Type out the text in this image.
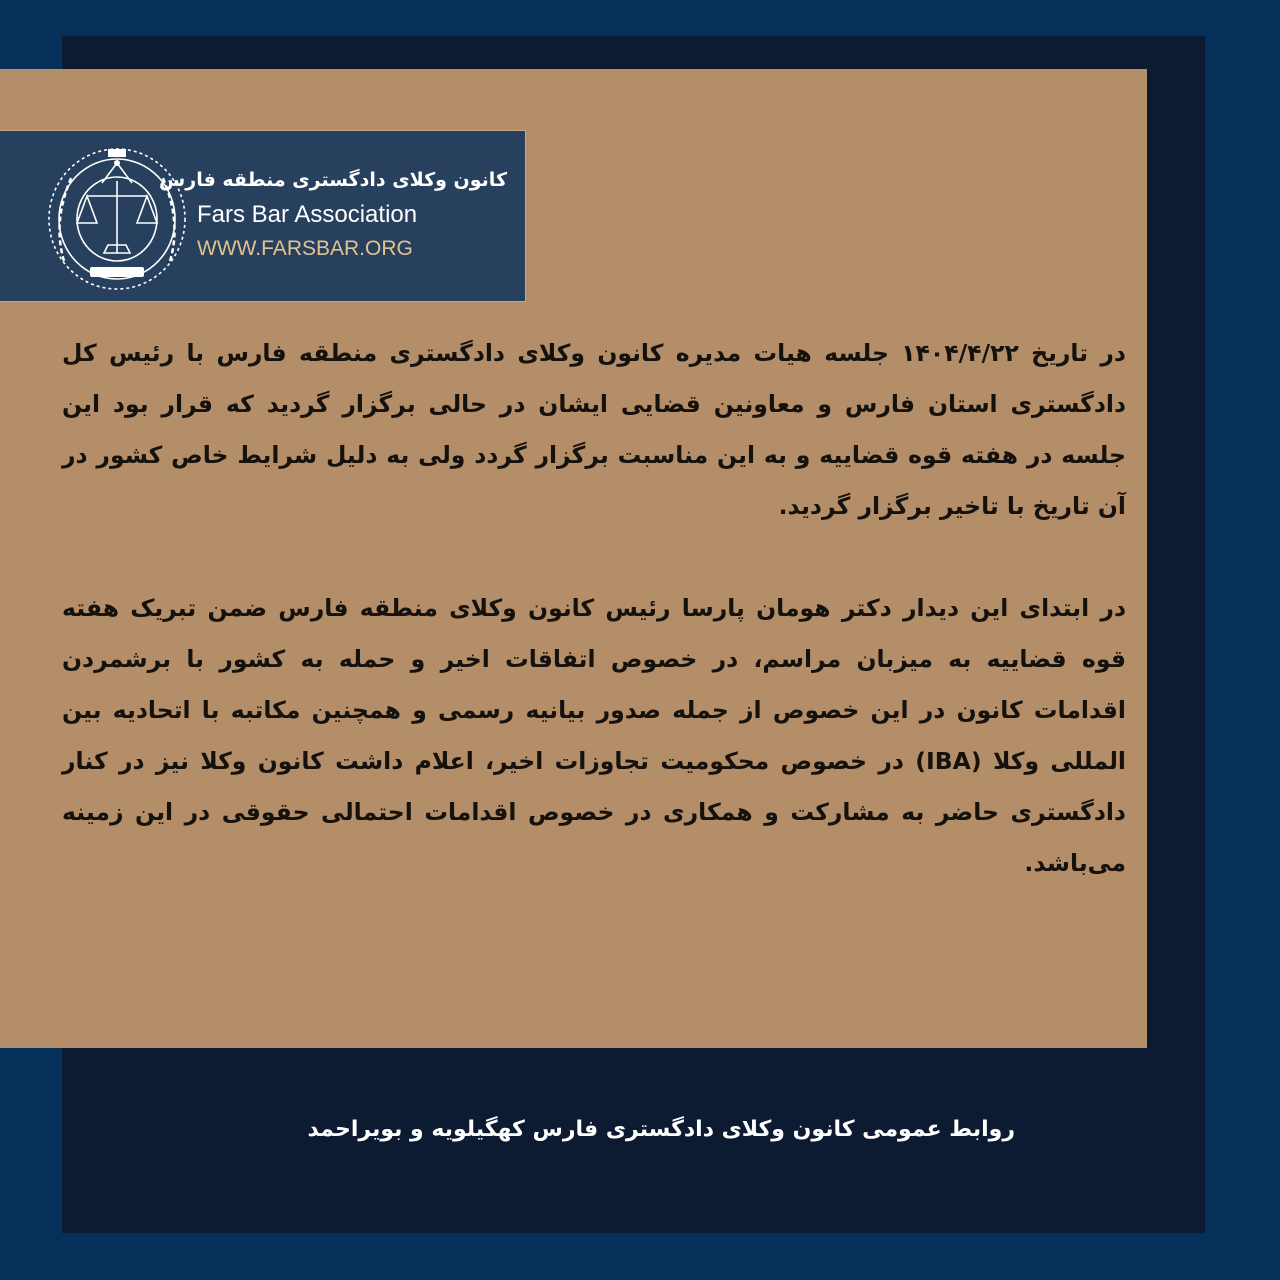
کانون وکلای دادگستری منطقه فارس
Fars Bar Association
WWW.FARSBAR.ORG

در تاریخ ۱۴۰۴/۴/۲۲ جلسه هیات مدیره کانون وکلای دادگستری منطقه فارس با رئیس کل دادگستری استان فارس و معاونین قضایی ایشان در حالی برگزار گردید که قرار بود این جلسه در هفته قوه قضاییه و به این مناسبت برگزار گردد ولی به دلیل شرایط خاص کشور در آن تاریخ با تاخیر برگزار گردید.

در ابتدای این دیدار دکتر هومان پارسا رئیس کانون وکلای منطقه فارس ضمن تبریک هفته قوه قضاییه به میزبان مراسم، در خصوص اتفاقات اخیر و حمله به کشور با برشمردن اقدامات کانون در این خصوص از جمله صدور بیانیه رسمی و همچنین مکاتبه با اتحادیه بین المللی وکلا (IBA) در خصوص محکومیت تجاوزات اخیر، اعلام داشت کانون وکلا نیز در کنار دادگستری حاضر به مشارکت و همکاری در خصوص اقدامات احتمالی حقوقی در این زمینه می‌باشد.

روابط عمومی کانون وکلای دادگستری فارس کهگیلویه و بویراحمد
